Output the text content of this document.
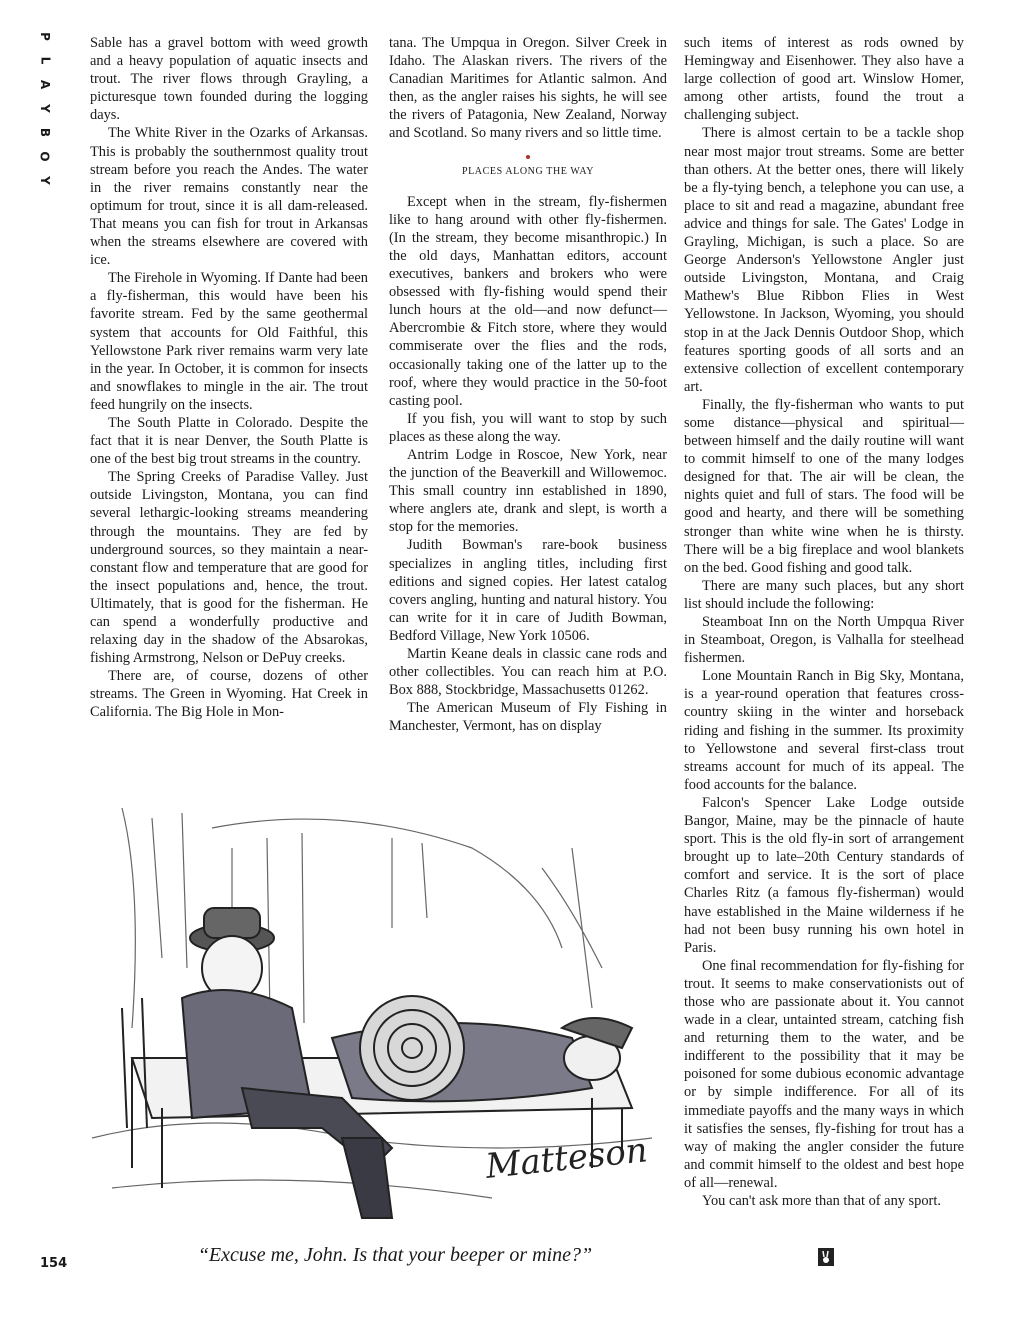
P
L
A
Y
B
O
Y

Sable has a gravel bottom with weed growth and a heavy population of aquatic insects and trout. The river flows through Grayling, a picturesque town founded during the logging days.

The White River in the Ozarks of Arkansas. This is probably the southernmost quality trout stream before you reach the Andes. The water in the river remains constantly near the optimum for trout, since it is all dam-released. That means you can fish for trout in Arkansas when the streams elsewhere are covered with ice.

The Firehole in Wyoming. If Dante had been a fly-fisherman, this would have been his favorite stream. Fed by the same geothermal system that accounts for Old Faithful, this Yellowstone Park river remains warm very late in the year. In October, it is common for insects and snowflakes to mingle in the air. The trout feed hungrily on the insects.

The South Platte in Colorado. Despite the fact that it is near Denver, the South Platte is one of the best big trout streams in the country.

The Spring Creeks of Paradise Valley. Just outside Livingston, Montana, you can find several lethargic-looking streams meandering through the mountains. They are fed by underground sources, so they maintain a near-constant flow and temperature that are good for the insect populations and, hence, the trout. Ultimately, that is good for the fisherman. He can spend a wonderfully productive and relaxing day in the shadow of the Absarokas, fishing Armstrong, Nelson or DePuy creeks.

There are, of course, dozens of other streams. The Green in Wyoming. Hat Creek in California. The Big Hole in Mon-

tana. The Umpqua in Oregon. Silver Creek in Idaho. The Alaskan rivers. The rivers of the Canadian Maritimes for Atlantic salmon. And then, as the angler raises his sights, he will see the rivers of Patagonia, New Zealand, Norway and Scotland. So many rivers and so little time.

PLACES ALONG THE WAY

Except when in the stream, fly-fishermen like to hang around with other fly-fishermen. (In the stream, they become misanthropic.) In the old days, Manhattan editors, account executives, bankers and brokers who were obsessed with fly-fishing would spend their lunch hours at the old—and now defunct—Abercrombie & Fitch store, where they would commiserate over the flies and the rods, occasionally taking one of the latter up to the roof, where they would practice in the 50-foot casting pool.

If you fish, you will want to stop by such places as these along the way.

Antrim Lodge in Roscoe, New York, near the junction of the Beaverkill and Willowemoc. This small country inn established in 1890, where anglers ate, drank and slept, is worth a stop for the memories.

Judith Bowman's rare-book business specializes in angling titles, including first editions and signed copies. Her latest catalog covers angling, hunting and natural history. You can write for it in care of Judith Bowman, Bedford Village, New York 10506.

Martin Keane deals in classic cane rods and other collectibles. You can reach him at P.O. Box 888, Stockbridge, Massachusetts 01262.

The American Museum of Fly Fishing in Manchester, Vermont, has on display

such items of interest as rods owned by Hemingway and Eisenhower. They also have a large collection of good art. Winslow Homer, among other artists, found the trout a challenging subject.

There is almost certain to be a tackle shop near most major trout streams. Some are better than others. At the better ones, there will likely be a fly-tying bench, a telephone you can use, a place to sit and read a magazine, abundant free advice and things for sale. The Gates' Lodge in Grayling, Michigan, is such a place. So are George Anderson's Yellowstone Angler just outside Livingston, Montana, and Craig Mathew's Blue Ribbon Flies in West Yellowstone. In Jackson, Wyoming, you should stop in at the Jack Dennis Outdoor Shop, which features sporting goods of all sorts and an extensive collection of excellent contemporary art.

Finally, the fly-fisherman who wants to put some distance—physical and spiritual—between himself and the daily routine will want to commit himself to one of the many lodges designed for that. The air will be clean, the nights quiet and full of stars. The food will be good and hearty, and there will be something stronger than white wine when he is thirsty. There will be a big fireplace and wool blankets on the bed. Good fishing and good talk.

There are many such places, but any short list should include the following:

Steamboat Inn on the North Umpqua River in Steamboat, Oregon, is Valhalla for steelhead fishermen.

Lone Mountain Ranch in Big Sky, Montana, is a year-round operation that features cross-country skiing in the winter and horseback riding and fishing in the summer. Its proximity to Yellowstone and several first-class trout streams account for much of its appeal. The food accounts for the balance.

Falcon's Spencer Lake Lodge outside Bangor, Maine, may be the pinnacle of haute sport. This is the old fly-in sort of arrangement brought up to late–20th Century standards of comfort and service. It is the sort of place Charles Ritz (a famous fly-fisherman) would have established in the Maine wilderness if he had not been busy running his own hotel in Paris.

One final recommendation for fly-fishing for trout. It seems to make conservationists out of those who are passionate about it. You cannot wade in a clear, untainted stream, catching fish and returning them to the water, and be indifferent to the possibility that it may be poisoned for some dubious economic advantage or by simple indifference. For all of its immediate payoffs and the many ways in which it satisfies the senses, fly-fishing for trout has a way of making the angler consider the future and commit himself to the oldest and best hope of all—renewal.

You can't ask more than that of any sport.

Matteson
“Excuse me, John. Is that your beeper or mine?”
154
